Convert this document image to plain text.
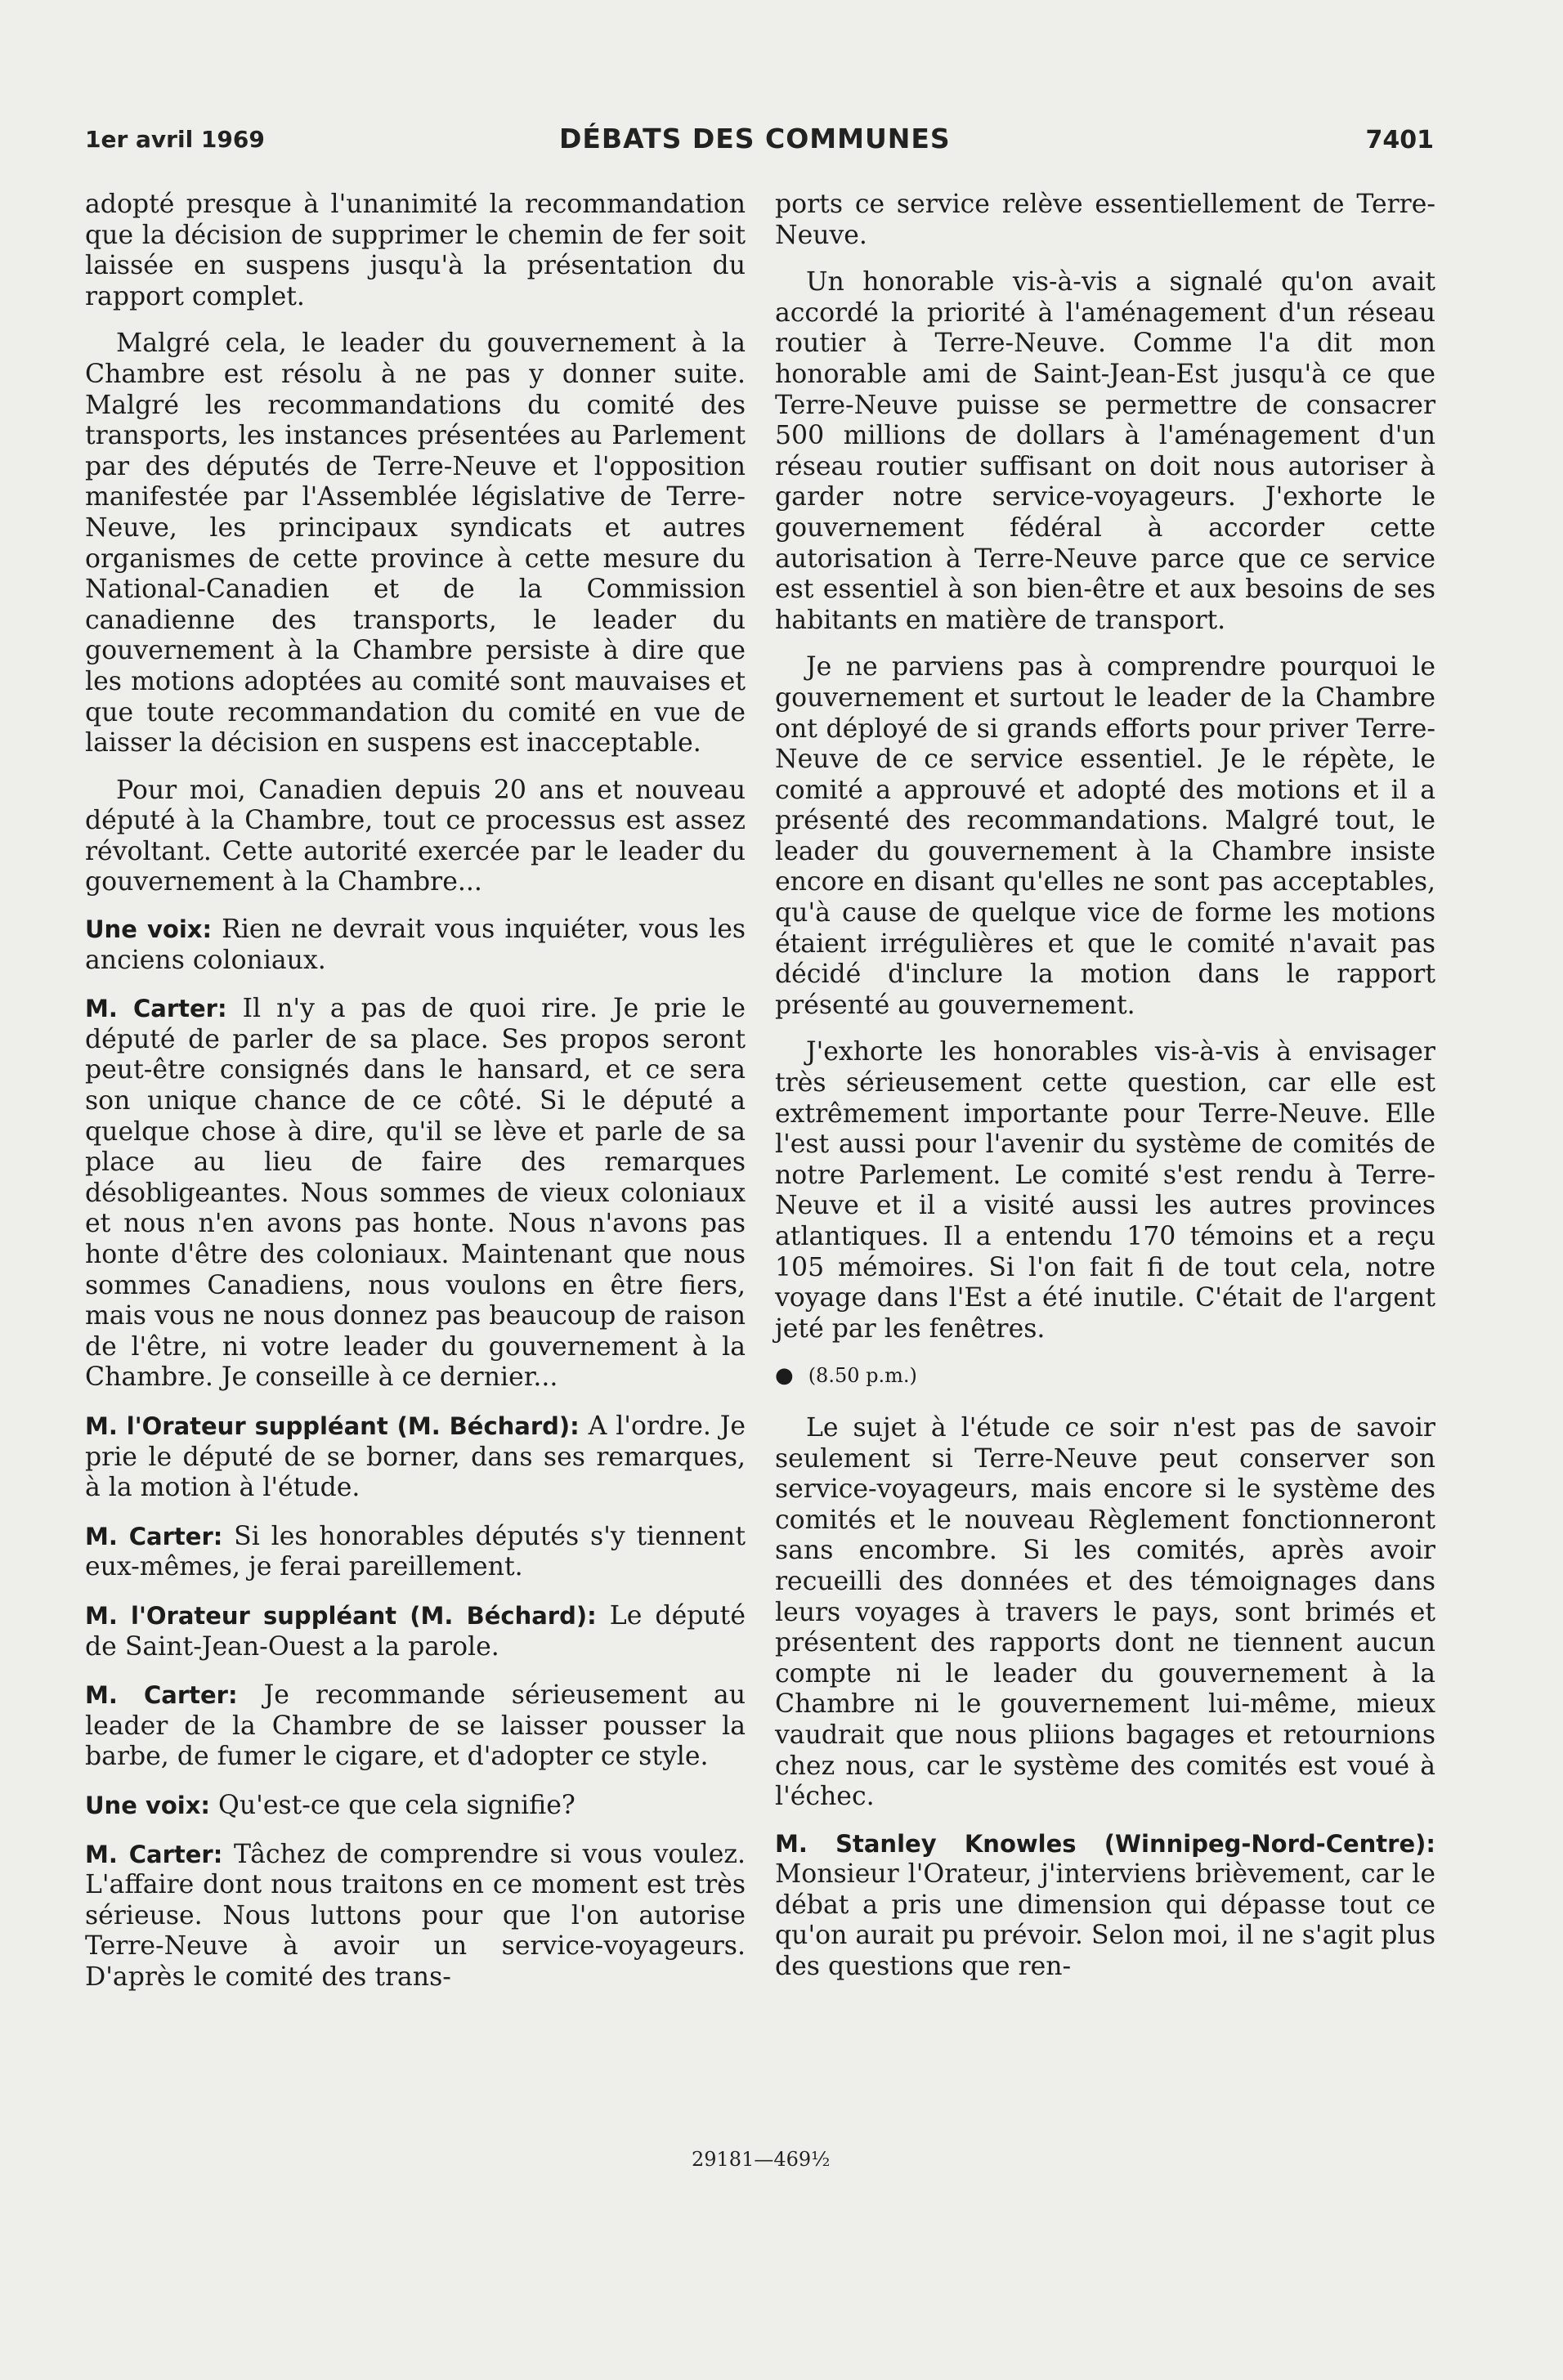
1er avril 1969	DÉBATS DES COMMUNES	7401

adopté presque à l'unanimité la recommandation que la décision de supprimer le chemin de fer soit laissée en suspens jusqu'à la présentation du rapport complet.

Malgré cela, le leader du gouvernement à la Chambre est résolu à ne pas y donner suite. Malgré les recommandations du comité des transports, les instances présentées au Parlement par des députés de Terre-Neuve et l'opposition manifestée par l'Assemblée législative de Terre-Neuve, les principaux syndicats et autres organismes de cette province à cette mesure du National-Canadien et de la Commission canadienne des transports, le leader du gouvernement à la Chambre persiste à dire que les motions adoptées au comité sont mauvaises et que toute recommandation du comité en vue de laisser la décision en suspens est inacceptable.

Pour moi, Canadien depuis 20 ans et nouveau député à la Chambre, tout ce processus est assez révoltant. Cette autorité exercée par le leader du gouvernement à la Chambre...

Une voix: Rien ne devrait vous inquiéter, vous les anciens coloniaux.

M. Carter: Il n'y a pas de quoi rire. Je prie le député de parler de sa place. Ses propos seront peut-être consignés dans le hansard, et ce sera son unique chance de ce côté. Si le député a quelque chose à dire, qu'il se lève et parle de sa place au lieu de faire des remarques désobligeantes. Nous sommes de vieux coloniaux et nous n'en avons pas honte. Nous n'avons pas honte d'être des coloniaux. Maintenant que nous sommes Canadiens, nous voulons en être fiers, mais vous ne nous donnez pas beaucoup de raison de l'être, ni votre leader du gouvernement à la Chambre. Je conseille à ce dernier...

M. l'Orateur suppléant (M. Béchard): A l'ordre. Je prie le député de se borner, dans ses remarques, à la motion à l'étude.

M. Carter: Si les honorables députés s'y tiennent eux-mêmes, je ferai pareillement.

M. l'Orateur suppléant (M. Béchard): Le député de Saint-Jean-Ouest a la parole.

M. Carter: Je recommande sérieusement au leader de la Chambre de se laisser pousser la barbe, de fumer le cigare, et d'adopter ce style.

Une voix: Qu'est-ce que cela signifie?

M. Carter: Tâchez de comprendre si vous voulez. L'affaire dont nous traitons en ce moment est très sérieuse. Nous luttons pour que l'on autorise Terre-Neuve à avoir un service-voyageurs. D'après le comité des trans-

ports ce service relève essentiellement de Terre-Neuve.

Un honorable vis-à-vis a signalé qu'on avait accordé la priorité à l'aménagement d'un réseau routier à Terre-Neuve. Comme l'a dit mon honorable ami de Saint-Jean-Est jusqu'à ce que Terre-Neuve puisse se permettre de consacrer 500 millions de dollars à l'aménagement d'un réseau routier suffisant on doit nous autoriser à garder notre service-voyageurs. J'exhorte le gouvernement fédéral à accorder cette autorisation à Terre-Neuve parce que ce service est essentiel à son bien-être et aux besoins de ses habitants en matière de transport.

Je ne parviens pas à comprendre pourquoi le gouvernement et surtout le leader de la Chambre ont déployé de si grands efforts pour priver Terre-Neuve de ce service essentiel. Je le répète, le comité a approuvé et adopté des motions et il a présenté des recommandations. Malgré tout, le leader du gouvernement à la Chambre insiste encore en disant qu'elles ne sont pas acceptables, qu'à cause de quelque vice de forme les motions étaient irrégulières et que le comité n'avait pas décidé d'inclure la motion dans le rapport présenté au gouvernement.

J'exhorte les honorables vis-à-vis à envisager très sérieusement cette question, car elle est extrêmement importante pour Terre-Neuve. Elle l'est aussi pour l'avenir du système de comités de notre Parlement. Le comité s'est rendu à Terre-Neuve et il a visité aussi les autres provinces atlantiques. Il a entendu 170 témoins et a reçu 105 mémoires. Si l'on fait fi de tout cela, notre voyage dans l'Est a été inutile. C'était de l'argent jeté par les fenêtres.

● (8.50 p.m.)

Le sujet à l'étude ce soir n'est pas de savoir seulement si Terre-Neuve peut conserver son service-voyageurs, mais encore si le système des comités et le nouveau Règlement fonctionneront sans encombre. Si les comités, après avoir recueilli des données et des témoignages dans leurs voyages à travers le pays, sont brimés et présentent des rapports dont ne tiennent aucun compte ni le leader du gouvernement à la Chambre ni le gouvernement lui-même, mieux vaudrait que nous pliions bagages et retournions chez nous, car le système des comités est voué à l'échec.

M. Stanley Knowles (Winnipeg-Nord-Centre): Monsieur l'Orateur, j'interviens brièvement, car le débat a pris une dimension qui dépasse tout ce qu'on aurait pu prévoir. Selon moi, il ne s'agit plus des questions que ren-

29181—469½
